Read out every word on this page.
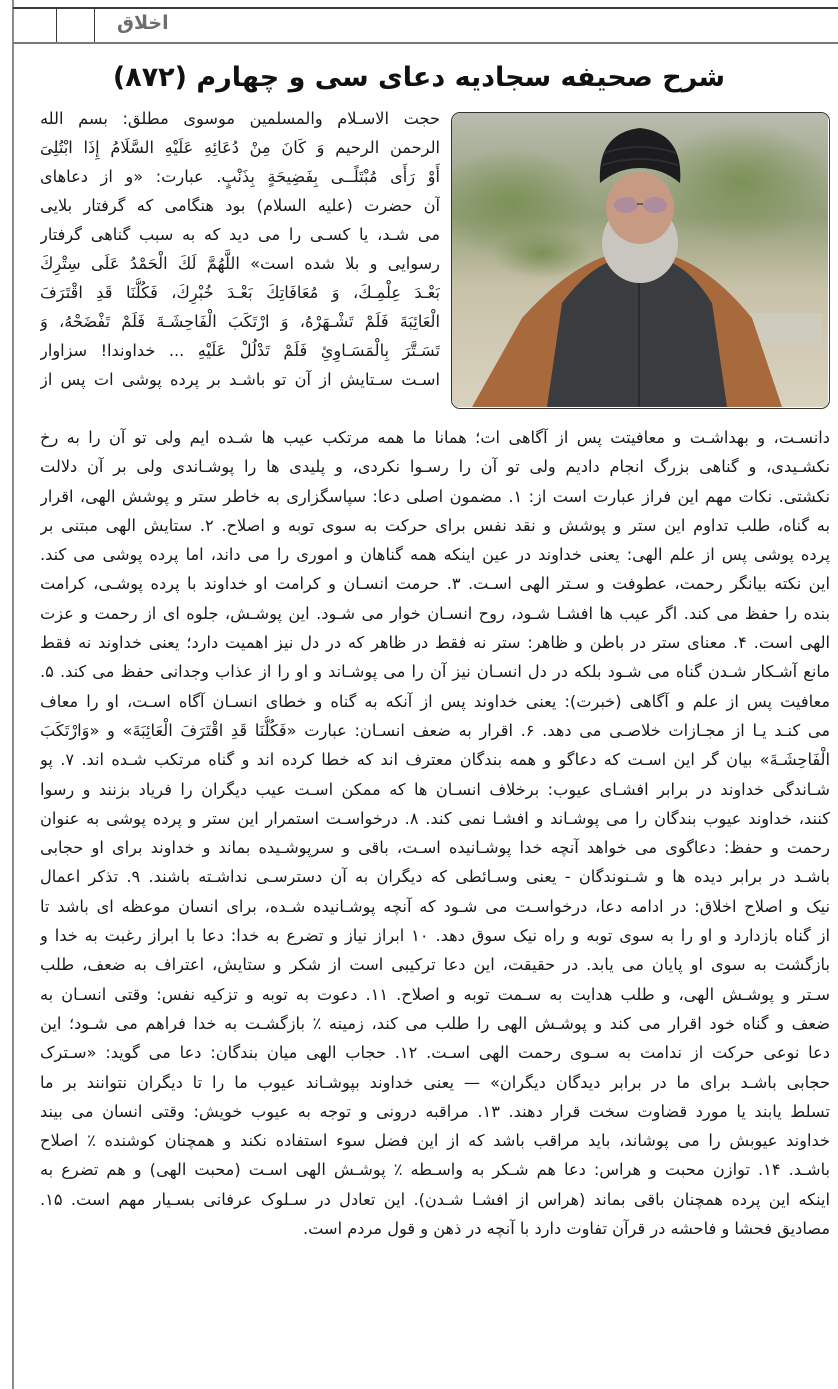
اخلاق
شرح صحیفه سجادیه دعای سی و چهارم (۸۷۲)
حجت الاسـلام والمسلمین موسوی مطلق: بسم الله
الرحمن الرحیم وَ كَانَ مِنْ دُعَائِهِ عَلَیْهِ السَّلَامُ إِذَا ابْتُلِیَ
أَوْ رَأَى مُبْتَلًــی بِفَضِیحَةٍ بِذَنْبٍ. عبارت: «و از دعاهای
آن حضرت (علیه السلام) بود هنگامی که گرفتار بلایی
می شـد، یا کسـی را می دید که به سبب گناهی گرفتار
رسوایی و بلا شده است» اللَّهُمَّ لَكَ الْحَمْدُ عَلَى سِتْرِكَ
بَعْـدَ عِلْمِـكَ، وَ مُعَافَاتِكَ بَعْـدَ خُبْرِكَ، فَكُلُّنَا قَدِ اقْتَرَفَ
الْعَائِبَةَ فَلَمْ تَشْـهَرْهُ، وَ ارْتَكَبَ الْفَاحِشَـةَ فَلَمْ تَفْضَحْهُ، وَ
تَسَـتَّرَ بِالْمَسَـاوِئِ فَلَمْ تَدْلُلْ عَلَیْهِ ... خداوندا! سزاوار
اسـت سـتایش از آن تو باشـد بر پرده پوشی ات پس از
دانسـت، و بهداشـت و معافیتت پس از آگاهی ات؛ همانا ما همه مرتکب عیب ها شـده ایم ولی تو آن را به رخ
نکشـیدی، و گناهی بزرگ انجام دادیم ولی تو آن را رسـوا نکردی، و پلیدی ها را پوشـاندی ولی بر آن دلالت
نکشتی. نکات مهم این فراز عبارت است از: ۱. مضمون اصلی دعا: سپاسگزاری به خاطر ستر و پوشش الهی، اقرار
به گناه، طلب تداوم این ستر و پوشش و نقد نفس برای حرکت به سوی توبه و اصلاح. ۲. ستایش الهی مبتنی بر
پرده پوشی پس از علم الهی: یعنی خداوند در عین اینکه همه گناهان و اموری را می داند، اما پرده پوشی می کند.
این نکته بیانگر رحمت، عطوفت و سـتر الهی اسـت. ۳. حرمت انسـان و کرامت او خداوند با پرده پوشـی، کرامت
بنده را حفظ می کند. اگر عیب ها افشـا شـود، روح انسـان خوار می شـود. این پوشـش، جلوه ای از رحمت و عزت
الهی است. ۴. معنای ستر در باطن و ظاهر: ستر نه فقط در ظاهر که در دل نیز اهمیت دارد؛ یعنی خداوند نه فقط
مانع آشـکار شـدن گناه می شـود بلکه در دل انسـان نیز آن را می پوشـاند و او را از عذاب وجدانی حفظ می کند. ۵.
معافیت پس از علم و آگاهی (خبرت): یعنی خداوند پس از آنکه به گناه و خطای انسـان آگاه اسـت، او را معاف
می کنـد یـا از مجـازات خلاصـی می دهد. ۶. اقرار به ضعف انسـان: عبارت «فَكُلُّنَا قَدِ اقْتَرَفَ الْعَائِبَةَ» و «وَارْتَكَبَ
الْفَاحِشَـةَ» بیان گر این اسـت که دعاگو و همه بندگان معترف اند که خطا کرده اند و گناه مرتکب شـده اند. ۷. پو
شـاندگی خداوند در برابر افشـای عیوب: برخلاف انسـان ها که ممکن اسـت عیب دیگران را فریاد بزنند و رسوا
کنند، خداوند عیوب بندگان را می پوشـاند و افشـا نمی کند. ۸. درخواسـت استمرار این ستر و پرده پوشی به عنوان
رحمت و حفظ: دعاگوی می خواهد آنچه خدا پوشـانیده اسـت، باقی و سرپوشـیده بماند و خداوند برای او حجابی
باشـد در برابر دیده ها و شـنوندگان - یعنی وسـائطی که دیگران به آن دسترسـی نداشـته باشند. ۹. تذکر اعمال
نیک و اصلاح اخلاق: در ادامه دعا، درخواسـت می شـود که آنچه پوشـانیده شـده، برای انسان موعظه ای باشد تا
از گناه بازدارد و او را به سوی توبه و راه نیک سوق دهد. ۱۰ ابراز نیاز و تضرع به خدا: دعا با ابراز رغبت به خدا و
بازگشت به سوی او پایان می یابد. در حقیقت، این دعا ترکیبی است از شکر و ستایش، اعتراف به ضعف، طلب
سـتر و پوشـش الهی، و طلب هدایت به سـمت توبه و اصلاح. ۱۱. دعوت به توبه و تزکیه نفس: وقتی انسـان به
ضعف و گناه خود اقرار می کند و پوشـش الهی را طلب می کند، زمینه ٪ بازگشـت به خدا فراهم می شـود؛ این
دعا نوعی حرکت از ندامت به سـوی رحمت الهی اسـت. ۱۲. حجاب الهی میان بندگان: دعا می گوید: «سـترک
حجابی باشـد برای ما در برابر دیدگان دیگران» — یعنی خداوند بپوشـاند عیوب ما را تا دیگران نتوانند بر ما
تسلط یابند یا مورد قضاوت سخت قرار دهند. ۱۳. مراقبه درونی و توجه به عیوب خویش: وقتی انسان می بیند
خداوند عیوبش را می پوشاند، باید مراقب باشد که از این فضل سوء استفاده نکند و همچنان کوشنده ٪ اصلاح
باشـد. ۱۴. توازن محبت و هراس: دعا هم شـکر به واسـطه ٪ پوشـش الهی اسـت (محبت الهی) و هم تضرع به
اینکه این پرده همچنان باقی بماند (هراس از افشـا شـدن). این تعادل در سـلوک عرفانی بسـیار مهم است. ۱۵.
مصادیق فحشا و فاحشه در قرآن تفاوت دارد با آنچه در ذهن و قول مردم است.
